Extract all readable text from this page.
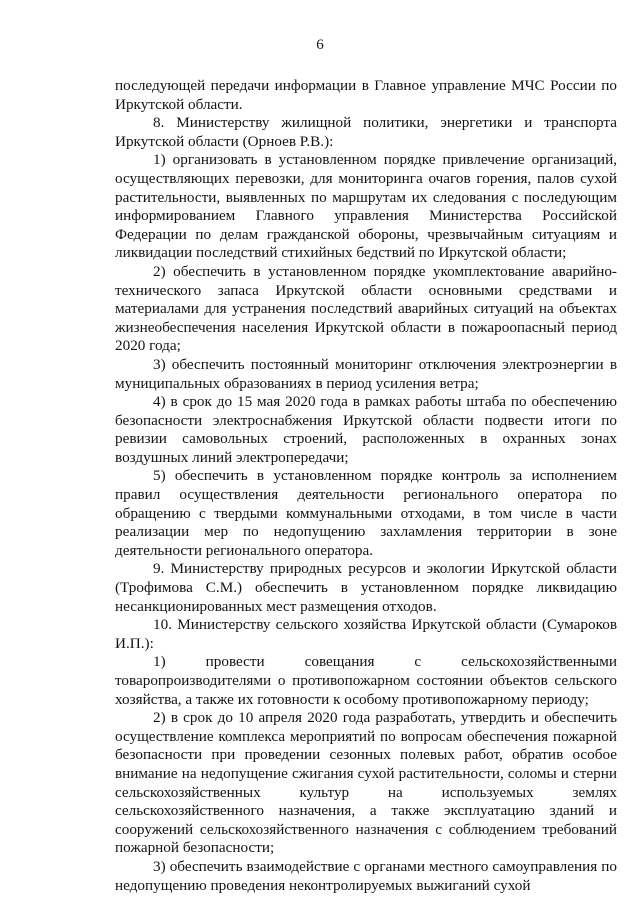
6

последующей передачи информации в Главное управление МЧС России по Иркутской области.

8. Министерству жилищной политики, энергетики и транспорта Иркутской области (Орноев Р.В.):

1) организовать в установленном порядке привлечение организаций, осуществляющих перевозки, для мониторинга очагов горения, палов сухой растительности, выявленных по маршрутам их следования с последующим информированием Главного управления Министерства Российской Федерации по делам гражданской обороны, чрезвычайным ситуациям и ликвидации последствий стихийных бедствий по Иркутской области;

2) обеспечить в установленном порядке укомплектование аварийно-технического запаса Иркутской области основными средствами и материалами для устранения последствий аварийных ситуаций на объектах жизнеобеспечения населения Иркутской области в пожароопасный период 2020 года;

3) обеспечить постоянный мониторинг отключения электроэнергии в муниципальных образованиях в период усиления ветра;

4) в срок до 15 мая 2020 года в рамках работы штаба по обеспечению безопасности электроснабжения Иркутской области подвести итоги по ревизии самовольных строений, расположенных в охранных зонах воздушных линий электропередачи;

5) обеспечить в установленном порядке контроль за исполнением правил осуществления деятельности регионального оператора по обращению с твердыми коммунальными отходами, в том числе в части реализации мер по недопущению захламления территории в зоне деятельности регионального оператора.

9. Министерству природных ресурсов и экологии Иркутской области (Трофимова С.М.) обеспечить в установленном порядке ликвидацию несанкционированных мест размещения отходов.

10. Министерству сельского хозяйства Иркутской области (Сумароков И.П.):

1) провести совещания с сельскохозяйственными товаропроизводителями о противопожарном состоянии объектов сельского хозяйства, а также их готовности к особому противопожарному периоду;

2) в срок до 10 апреля 2020 года разработать, утвердить и обеспечить осуществление комплекса мероприятий по вопросам обеспечения пожарной безопасности при проведении сезонных полевых работ, обратив особое внимание на недопущение сжигания сухой растительности, соломы и стерни сельскохозяйственных культур на используемых землях сельскохозяйственного назначения, а также эксплуатацию зданий и сооружений сельскохозяйственного назначения с соблюдением требований пожарной безопасности;

3) обеспечить взаимодействие с органами местного самоуправления по недопущению проведения неконтролируемых выжиганий сухой
